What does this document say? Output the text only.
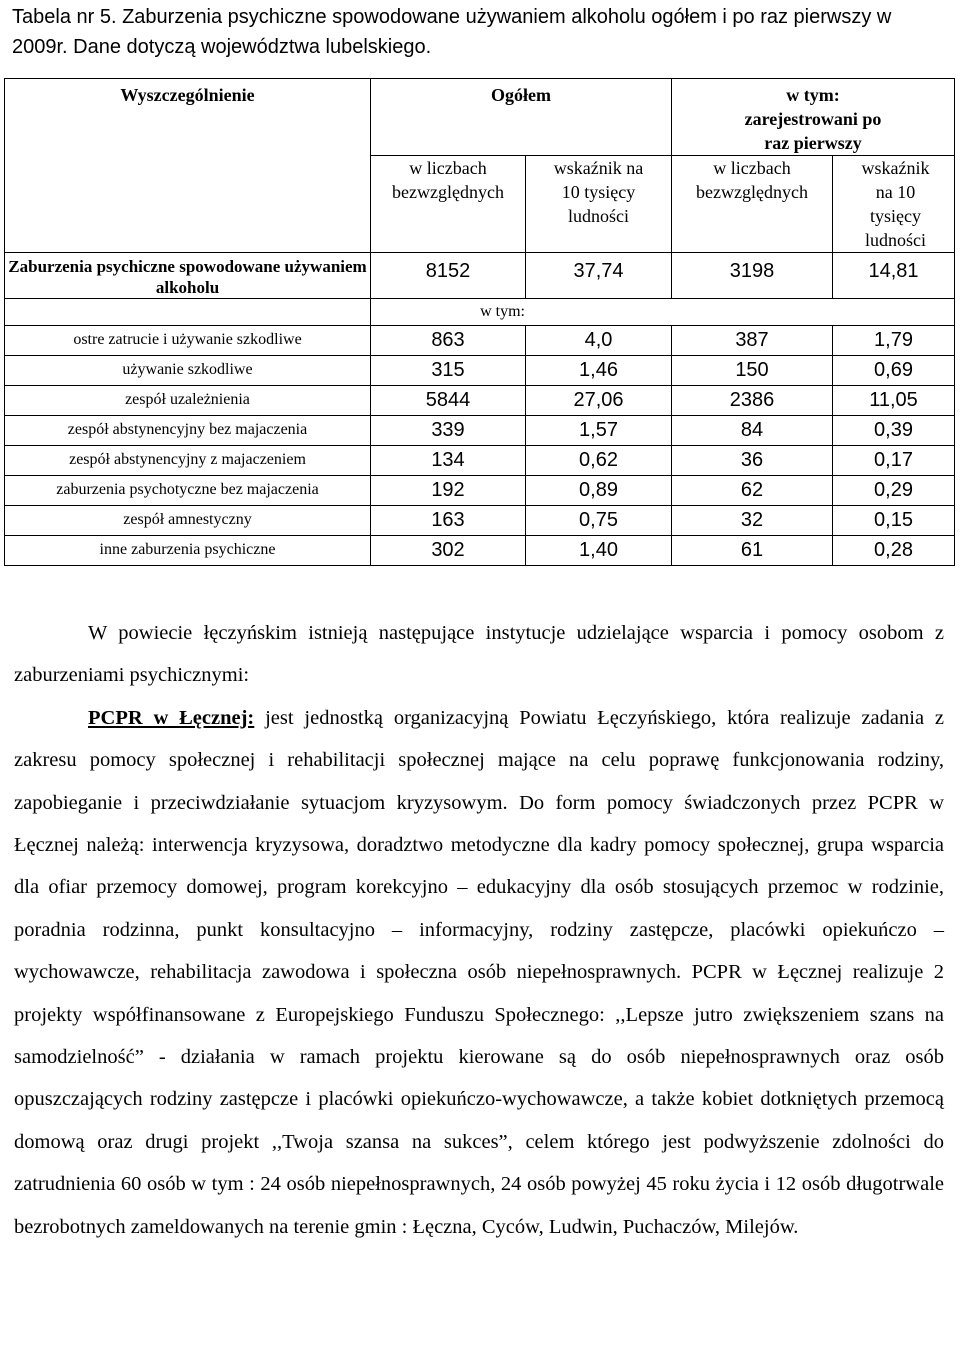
Tabela nr 5. Zaburzenia psychiczne spowodowane używaniem alkoholu ogółem i po raz pierwszy w 2009r. Dane dotyczą województwa lubelskiego.
Wyszczególnienie	Ogółem		w tym: zarejestrowani po raz pierwszy	
	w liczbach bezwzględnych	wskaźnik na 10 tysięcy ludności	w liczbach bezwzględnych	wskaźnik na 10 tysięcy ludności
Zaburzenia psychiczne spowodowane używaniem alkoholu	8152	37,74	3198	14,81
	w tym:			
ostre zatrucie i używanie szkodliwe	863	4,0	387	1,79
używanie szkodliwe	315	1,46	150	0,69
zespół uzależnienia	5844	27,06	2386	11,05
zespół abstynencyjny bez majaczenia	339	1,57	84	0,39
zespół abstynencyjny z majaczeniem	134	0,62	36	0,17
zaburzenia psychotyczne bez majaczenia	192	0,89	62	0,29
zespół amnestyczny	163	0,75	32	0,15
inne zaburzenia psychiczne	302	1,40	61	0,28

W powiecie łęczyńskim istnieją następujące instytucje udzielające wsparcia i pomocy osobom z zaburzeniami psychicznymi:

PCPR w Łęcznej: jest jednostką organizacyjną Powiatu Łęczyńskiego, która realizuje zadania z zakresu pomocy społecznej i rehabilitacji społecznej mające na celu poprawę funkcjonowania rodziny, zapobieganie i przeciwdziałanie sytuacjom kryzysowym. Do form pomocy świadczonych przez PCPR w Łęcznej należą: interwencja kryzysowa, doradztwo metodyczne dla kadry pomocy społecznej, grupa wsparcia dla ofiar przemocy domowej, program korekcyjno – edukacyjny dla osób stosujących przemoc w rodzinie, poradnia rodzinna, punkt konsultacyjno – informacyjny, rodziny zastępcze, placówki opiekuńczo – wychowawcze, rehabilitacja zawodowa i społeczna osób niepełnosprawnych. PCPR w Łęcznej realizuje 2 projekty współfinansowane z Europejskiego Funduszu Społecznego: ,,Lepsze jutro zwiększeniem szans na samodzielność” - działania w ramach projektu kierowane są do osób niepełnosprawnych oraz osób opuszczających rodziny zastępcze i placówki opiekuńczo-wychowawcze, a także kobiet dotkniętych przemocą domową oraz drugi projekt ,,Twoja szansa na sukces”, celem którego jest podwyższenie zdolności do zatrudnienia 60 osób w tym : 24 osób niepełnosprawnych, 24 osób powyżej 45 roku życia i 12 osób długotrwale bezrobotnych zameldowanych na terenie gmin : Łęczna, Cyców, Ludwin, Puchaczów, Milejów.
